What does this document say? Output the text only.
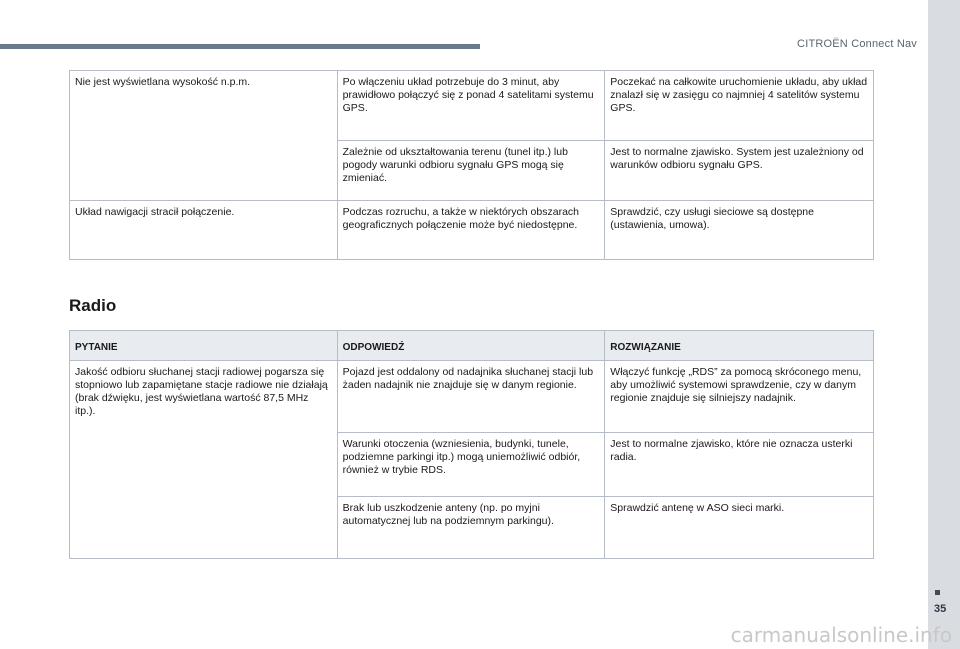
CITROËN Connect Nav
Nie jest wyświetlana wysokość n.p.m.	Po włączeniu układ potrzebuje do 3 minut, aby prawidłowo połączyć się z ponad 4 satelitami systemu GPS.	Poczekać na całkowite uruchomienie układu, aby układ znalazł się w zasięgu co najmniej 4 satelitów systemu GPS.
	Zależnie od ukształtowania terenu (tunel itp.) lub pogody warunki odbioru sygnału GPS mogą się zmieniać.	Jest to normalne zjawisko. System jest uzależniony od warunków odbioru sygnału GPS.
Układ nawigacji stracił połączenie.	Podczas rozruchu, a także w niektórych obszarach geograficznych połączenie może być niedostępne.	Sprawdzić, czy usługi sieciowe są dostępne (ustawienia, umowa).
Radio
PYTANIE	ODPOWIEDŹ	ROZWIĄZANIE
Jakość odbioru słuchanej stacji radiowej pogarsza się stopniowo lub zapamiętane stacje radiowe nie działają (brak dźwięku, jest wyświetlana wartość 87,5 MHz itp.).	Pojazd jest oddalony od nadajnika słuchanej stacji lub żaden nadajnik nie znajduje się w danym regionie.	Włączyć funkcję „RDS” za pomocą skróconego menu, aby umożliwić systemowi sprawdzenie, czy w danym regionie znajduje się silniejszy nadajnik.
	Warunki otoczenia (wzniesienia, budynki, tunele, podziemne parkingi itp.) mogą uniemożliwić odbiór, również w trybie RDS.	Jest to normalne zjawisko, które nie oznacza usterki radia.
	Brak lub uszkodzenie anteny (np. po myjni automatycznej lub na podziemnym parkingu).	Sprawdzić antenę w ASO sieci marki.
35
carmanualsonline.info
